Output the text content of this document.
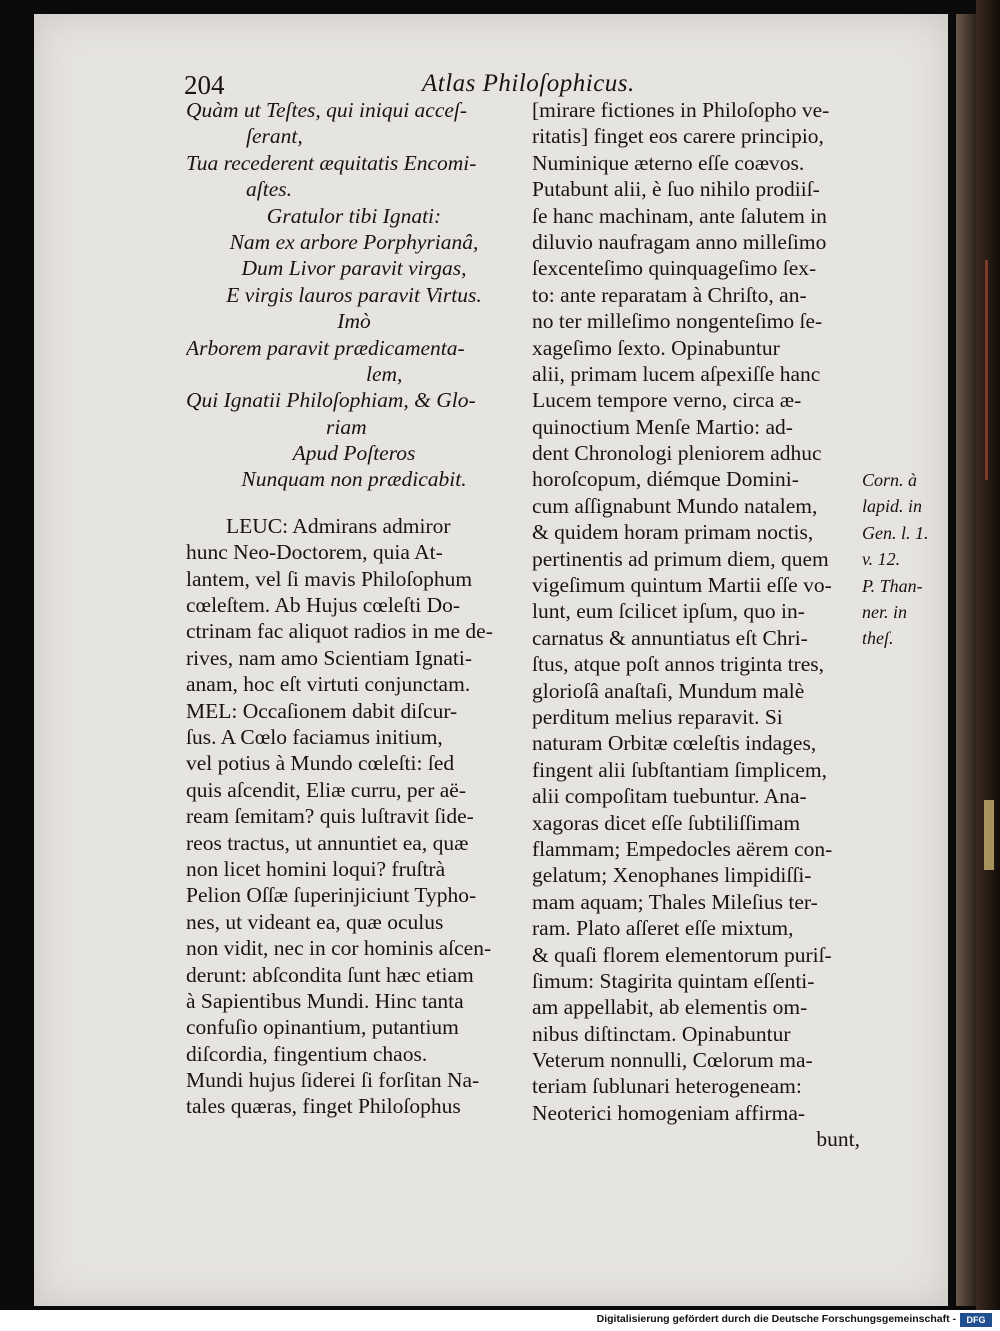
204	Atlas Philoſophicus.
Quàm ut Teſtes, qui iniqui acceſ-
ſerant,
Tua recederent æquitatis Encomi-
aſtes.
Gratulor tibi Ignati:
Nam ex arbore Porphyrianâ,
Dum Livor paravit virgas,
E virgis lauros paravit Virtus.
Imò
Arborem paravit prædicamenta-
lem,
Qui Ignatii Philoſophiam, & Glo-
riam
Apud Poſteros
Nunquam non prædicabit.
LEUC: Admirans admiror
hunc Neo-Doctorem, quia At-
lantem, vel ſi mavis Philoſophum
cœleſtem. Ab Hujus cœleſti Do-
ctrinam fac aliquot radios in me de-
rives, nam amo Scientiam Ignati-
anam, hoc eſt virtuti conjunctam.
MEL: Occaſionem dabit diſcur-
ſus. A Cœlo faciamus initium,
vel potius à Mundo cœleſti: ſed
quis aſcendit, Eliæ curru, per aë-
ream ſemitam? quis luſtravit ſide-
reos tractus, ut annuntiet ea, quæ
non licet homini loqui? fruſtrà
Pelion Oſſæ ſuperinjiciunt Typho-
nes, ut videant ea, quæ oculus
non vidit, nec in cor hominis aſcen-
derunt: abſcondita ſunt hæc etiam
à Sapientibus Mundi. Hinc tanta
confuſio opinantium, putantium
diſcordia, fingentium chaos.
Mundi hujus ſiderei ſi forſitan Na-
tales quæras, finget Philoſophus
[mirare fictiones in Philoſopho ve-
ritatis] finget eos carere principio,
Numinique æterno eſſe coævos.
Putabunt alii, è ſuo nihilo prodiiſ-
ſe hanc machinam, ante ſalutem in
diluvio naufragam anno milleſimo
ſexcenteſimo quinquageſimo ſex-
to: ante reparatam à Chriſto, an-
no ter milleſimo nongenteſimo ſe-
xageſimo ſexto. Opinabuntur
alii, primam lucem aſpexiſſe hanc
Lucem tempore verno, circa æ-
quinoctium Menſe Martio: ad-
dent Chronologi pleniorem adhuc
horoſcopum, diémque Domini-
cum aſſignabunt Mundo natalem,
& quidem horam primam noctis,
pertinentis ad primum diem, quem
vigeſimum quintum Martii eſſe vo-
lunt, eum ſcilicet ipſum, quo in-
carnatus & annuntiatus eſt Chri-
ſtus, atque poſt annos triginta tres,
glorioſâ anaſtaſi, Mundum malè
perditum melius reparavit. Si
naturam Orbitæ cœleſtis indages,
fingent alii ſubſtantiam ſimplicem,
alii compoſitam tuebuntur. Ana-
xagoras dicet eſſe ſubtiliſſimam
flammam; Empedocles aërem con-
gelatum; Xenophanes limpidiſſi-
mam aquam; Thales Mileſius ter-
ram. Plato aſſeret eſſe mixtum,
& quaſi florem elementorum puriſ-
ſimum: Stagirita quintam eſſenti-
am appellabit, ab elementis om-
nibus diſtinctam. Opinabuntur
Veterum nonnulli, Cœlorum ma-
teriam ſublunari heterogeneam:
Neoterici homogeniam affirma-
bunt,
Corn. à
lapid. in
Gen. l. 1.
v. 12.
P. Than-
ner. in
theſ.
Digitalisierung gefördert durch die Deutsche Forschungsgemeinschaft -	DFG
